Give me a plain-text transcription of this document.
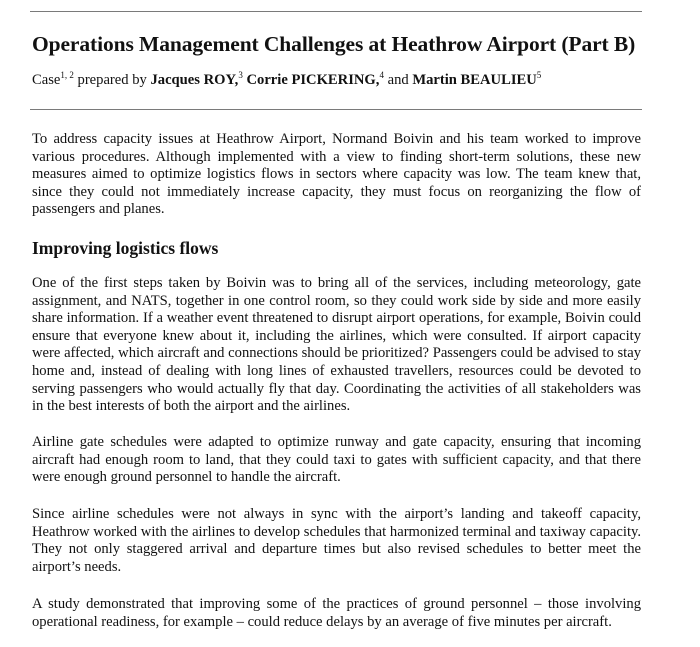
Operations Management Challenges at Heathrow Airport (Part B)

Case$^{1, 2}$ prepared by Jacques ROY,$^3$ Corrie PICKERING,$^4$ and Martin BEAULIEU$^5$

To address capacity issues at Heathrow Airport, Normand Boivin and his team worked to improve various procedures. Although implemented with a view to finding short-term solutions, these new measures aimed to optimize logistics flows in sectors where capacity was low. The team knew that, since they could not immediately increase capacity, they must focus on reorganizing the flow of passengers and planes.

Improving logistics flows

One of the first steps taken by Boivin was to bring all of the services, including meteorology, gate assignment, and NATS, together in one control room, so they could work side by side and more easily share information. If a weather event threatened to disrupt airport operations, for example, Boivin could ensure that everyone knew about it, including the airlines, which were consulted. If airport capacity were affected, which aircraft and connections should be prioritized? Passengers could be advised to stay home and, instead of dealing with long lines of exhausted travellers, resources could be devoted to serving passengers who would actually fly that day. Coordinating the activities of all stakeholders was in the best interests of both the airport and the airlines.

Airline gate schedules were adapted to optimize runway and gate capacity, ensuring that incoming aircraft had enough room to land, that they could taxi to gates with sufficient capacity, and that there were enough ground personnel to handle the aircraft.

Since airline schedules were not always in sync with the airport’s landing and takeoff capacity, Heathrow worked with the airlines to develop schedules that harmonized terminal and taxiway capacity. They not only staggered arrival and departure times but also revised schedules to better meet the airport’s needs.

A study demonstrated that improving some of the practices of ground personnel – those involving operational readiness, for example – could reduce delays by an average of five minutes per aircraft.
